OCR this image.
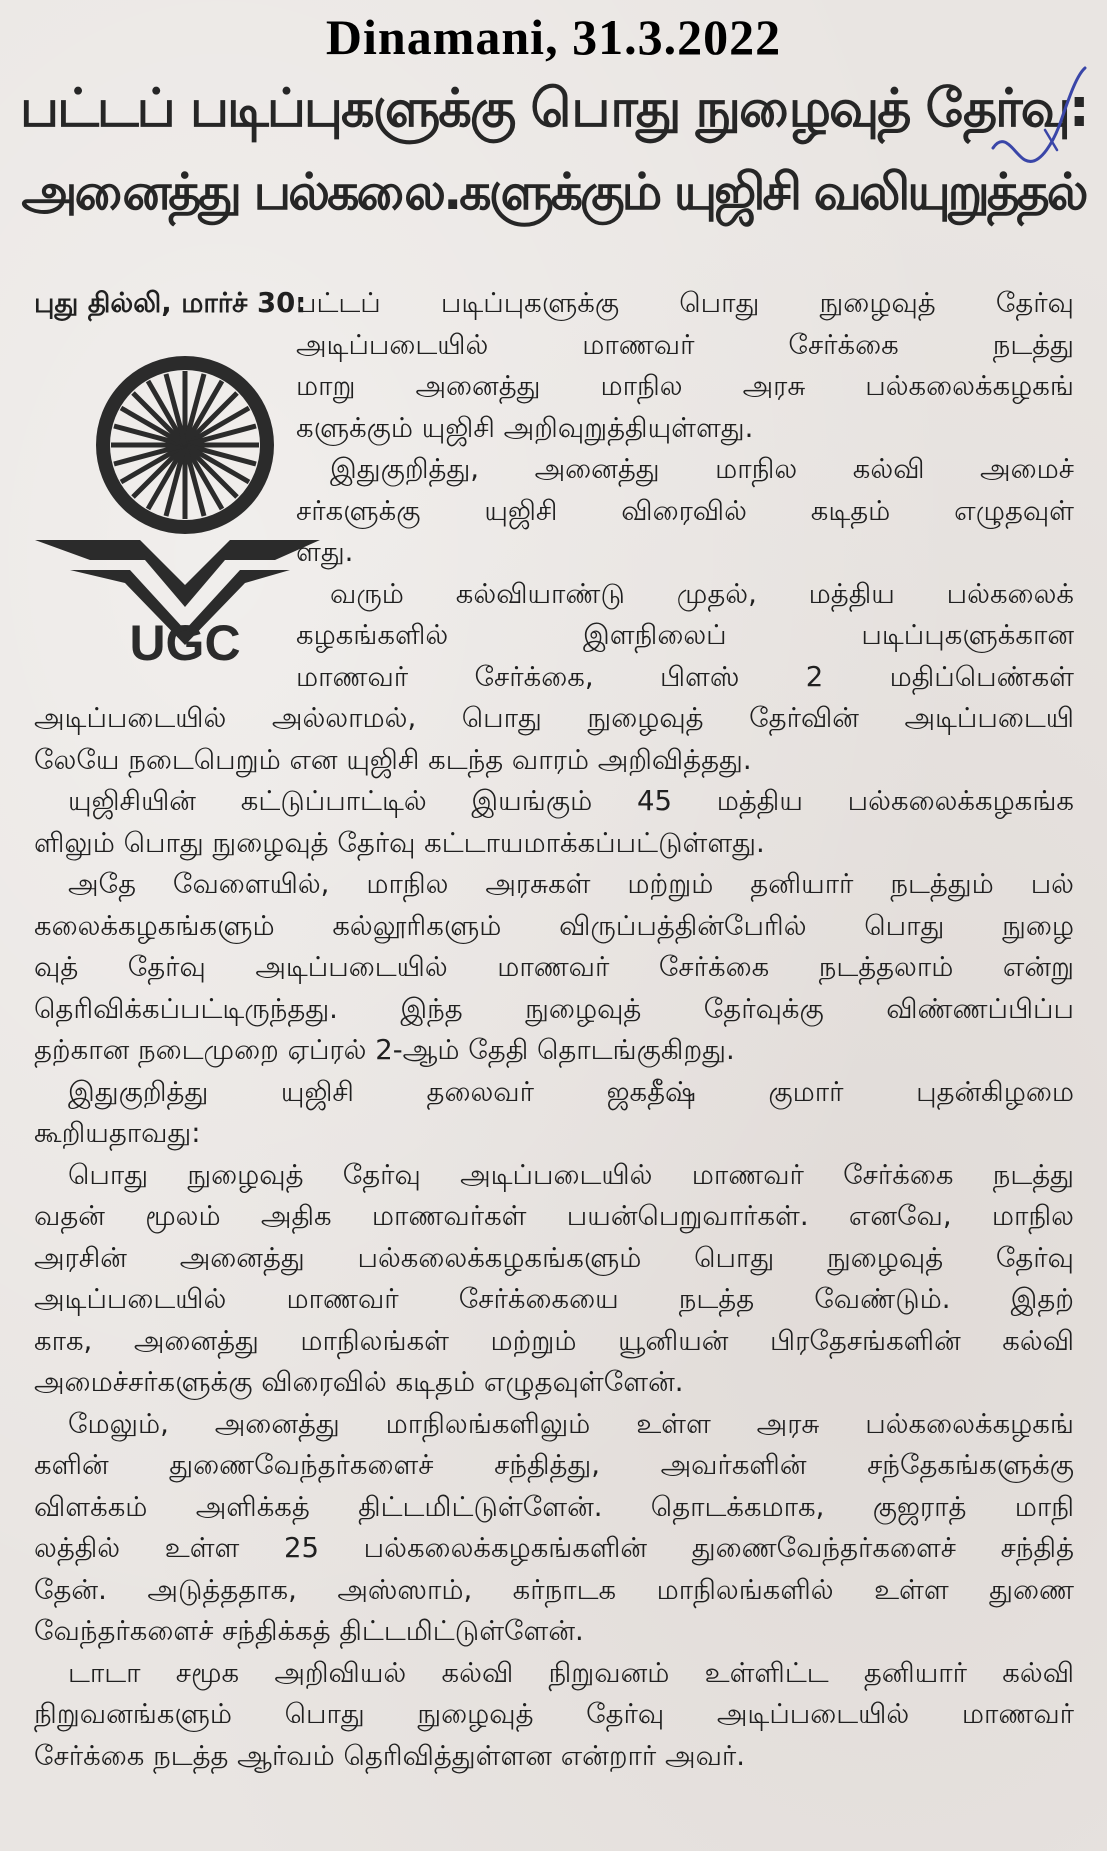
Dinamani, 31.3.2022
பட்டப் படிப்புகளுக்கு பொது நுழைவுத் தேர்வு:
அனைத்து பல்கலை.களுக்கும் யுஜிசி வலியுறுத்தல்
UGC
புது தில்லி, மார்ச் 30:
பட்டப் படிப்புகளுக்கு பொது நுழைவுத் தேர்வு
அடிப்படையில் மாணவர் சேர்க்கை நடத்து
மாறு அனைத்து மாநில அரசு பல்கலைக்கழகங்
களுக்கும் யுஜிசி அறிவுறுத்தியுள்ளது.
இதுகுறித்து, அனைத்து மாநில கல்வி அமைச்
சர்களுக்கு யுஜிசி விரைவில் கடிதம் எழுதவுள்
ளது.
வரும் கல்வியாண்டு முதல், மத்திய பல்கலைக்
கழகங்களில் இளநிலைப் படிப்புகளுக்கான
மாணவர் சேர்க்கை, பிளஸ் 2 மதிப்பெண்கள்
அடிப்படையில் அல்லாமல், பொது நுழைவுத் தேர்வின் அடிப்படையி
லேயே நடைபெறும் என யுஜிசி கடந்த வாரம் அறிவித்தது.
யுஜிசியின் கட்டுப்பாட்டில் இயங்கும் 45 மத்திய பல்கலைக்கழகங்க
ளிலும் பொது நுழைவுத் தேர்வு கட்டாயமாக்கப்பட்டுள்ளது.
அதே வேளையில், மாநில அரசுகள் மற்றும் தனியார் நடத்தும் பல்
கலைக்கழகங்களும் கல்லூரிகளும் விருப்பத்தின்பேரில் பொது நுழை
வுத் தேர்வு அடிப்படையில் மாணவர் சேர்க்கை நடத்தலாம் என்று
தெரிவிக்கப்பட்டிருந்தது. இந்த நுழைவுத் தேர்வுக்கு விண்ணப்பிப்ப
தற்கான நடைமுறை ஏப்ரல் 2-ஆம் தேதி தொடங்குகிறது.
இதுகுறித்து யுஜிசி தலைவர் ஜகதீஷ் குமார் புதன்கிழமை
கூறியதாவது:
பொது நுழைவுத் தேர்வு அடிப்படையில் மாணவர் சேர்க்கை நடத்து
வதன் மூலம் அதிக மாணவர்கள் பயன்பெறுவார்கள். எனவே, மாநில
அரசின் அனைத்து பல்கலைக்கழகங்களும் பொது நுழைவுத் தேர்வு
அடிப்படையில் மாணவர் சேர்க்கையை நடத்த வேண்டும். இதற்
காக, அனைத்து மாநிலங்கள் மற்றும் யூனியன் பிரதேசங்களின் கல்வி
அமைச்சர்களுக்கு விரைவில் கடிதம் எழுதவுள்ளேன்.
மேலும், அனைத்து மாநிலங்களிலும் உள்ள அரசு பல்கலைக்கழகங்
களின் துணைவேந்தர்களைச் சந்தித்து, அவர்களின் சந்தேகங்களுக்கு
விளக்கம் அளிக்கத் திட்டமிட்டுள்ளேன். தொடக்கமாக, குஜராத் மாநி
லத்தில் உள்ள 25 பல்கலைக்கழகங்களின் துணைவேந்தர்களைச் சந்தித்
தேன். அடுத்ததாக, அஸ்ஸாம், கர்நாடக மாநிலங்களில் உள்ள துணை
வேந்தர்களைச் சந்திக்கத் திட்டமிட்டுள்ளேன்.
டாடா சமூக அறிவியல் கல்வி நிறுவனம் உள்ளிட்ட தனியார் கல்வி
நிறுவனங்களும் பொது நுழைவுத் தேர்வு அடிப்படையில் மாணவர்
சேர்க்கை நடத்த ஆர்வம் தெரிவித்துள்ளன என்றார் அவர்.
